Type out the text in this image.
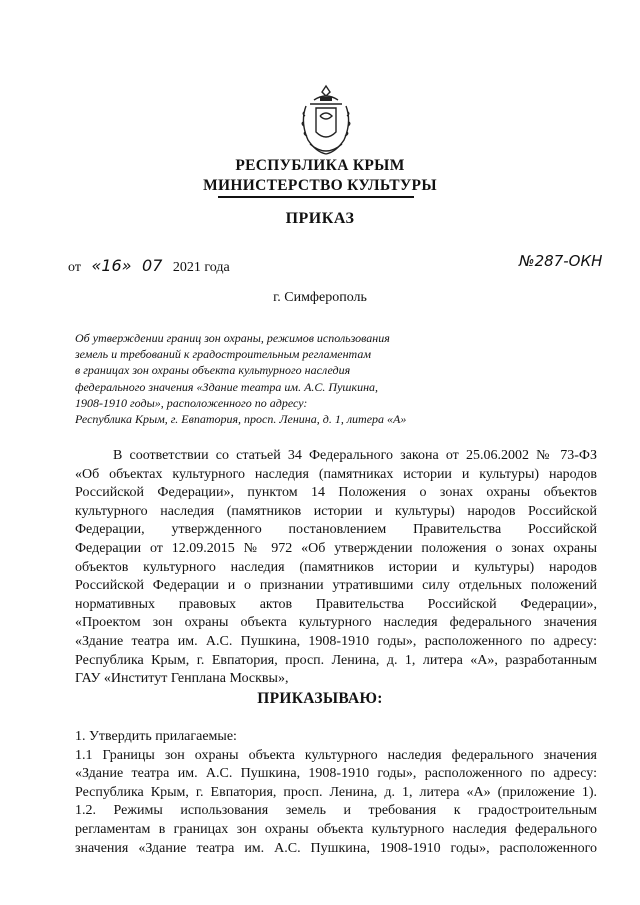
РЕСПУБЛИКА КРЫМ
МИНИСТЕРСТВО КУЛЬТУРЫ
ПРИКАЗ
от «16» 07 2021 года	№287-ОКН
г. Симферополь
Об утверждении границ зон охраны, режимов использования
земель и требований к градостроительным регламентам
в границах зон охраны объекта культурного наследия
федерального значения «Здание театра им. А.С. Пушкина,
1908-1910 годы», расположенного по адресу:
Республика Крым, г. Евпатория, просп. Ленина, д. 1, литера «А»
В соответствии со статьей 34 Федерального закона от 25.06.2002 № 73-ФЗ
«Об объектах культурного наследия (памятниках истории и культуры) народов
Российской Федерации», пунктом 14 Положения о зонах охраны объектов
культурного наследия (памятников истории и культуры) народов Российской
Федерации, утвержденного постановлением Правительства Российской
Федерации от 12.09.2015 № 972 «Об утверждении положения о зонах охраны
объектов культурного наследия (памятников истории и культуры) народов
Российской Федерации и о признании утратившими силу отдельных положений
нормативных правовых актов Правительства Российской Федерации»,
«Проектом зон охраны объекта культурного наследия федерального значения
«Здание театра им. А.С. Пушкина, 1908-1910 годы», расположенного по адресу:
Республика Крым, г. Евпатория, просп. Ленина, д. 1, литера «А», разработанным
ГАУ «Институт Генплана Москвы»,
ПРИКАЗЫВАЮ:
1. Утвердить прилагаемые:
1.1 Границы зон охраны объекта культурного наследия федерального значения
«Здание театра им. А.С. Пушкина, 1908-1910 годы», расположенного по адресу:
Республика Крым, г. Евпатория, просп. Ленина, д. 1, литера «А» (приложение 1).
1.2. Режимы использования земель и требования к градостроительным
регламентам в границах зон охраны объекта культурного наследия федерального
значения «Здание театра им. А.С. Пушкина, 1908-1910 годы», расположенного
